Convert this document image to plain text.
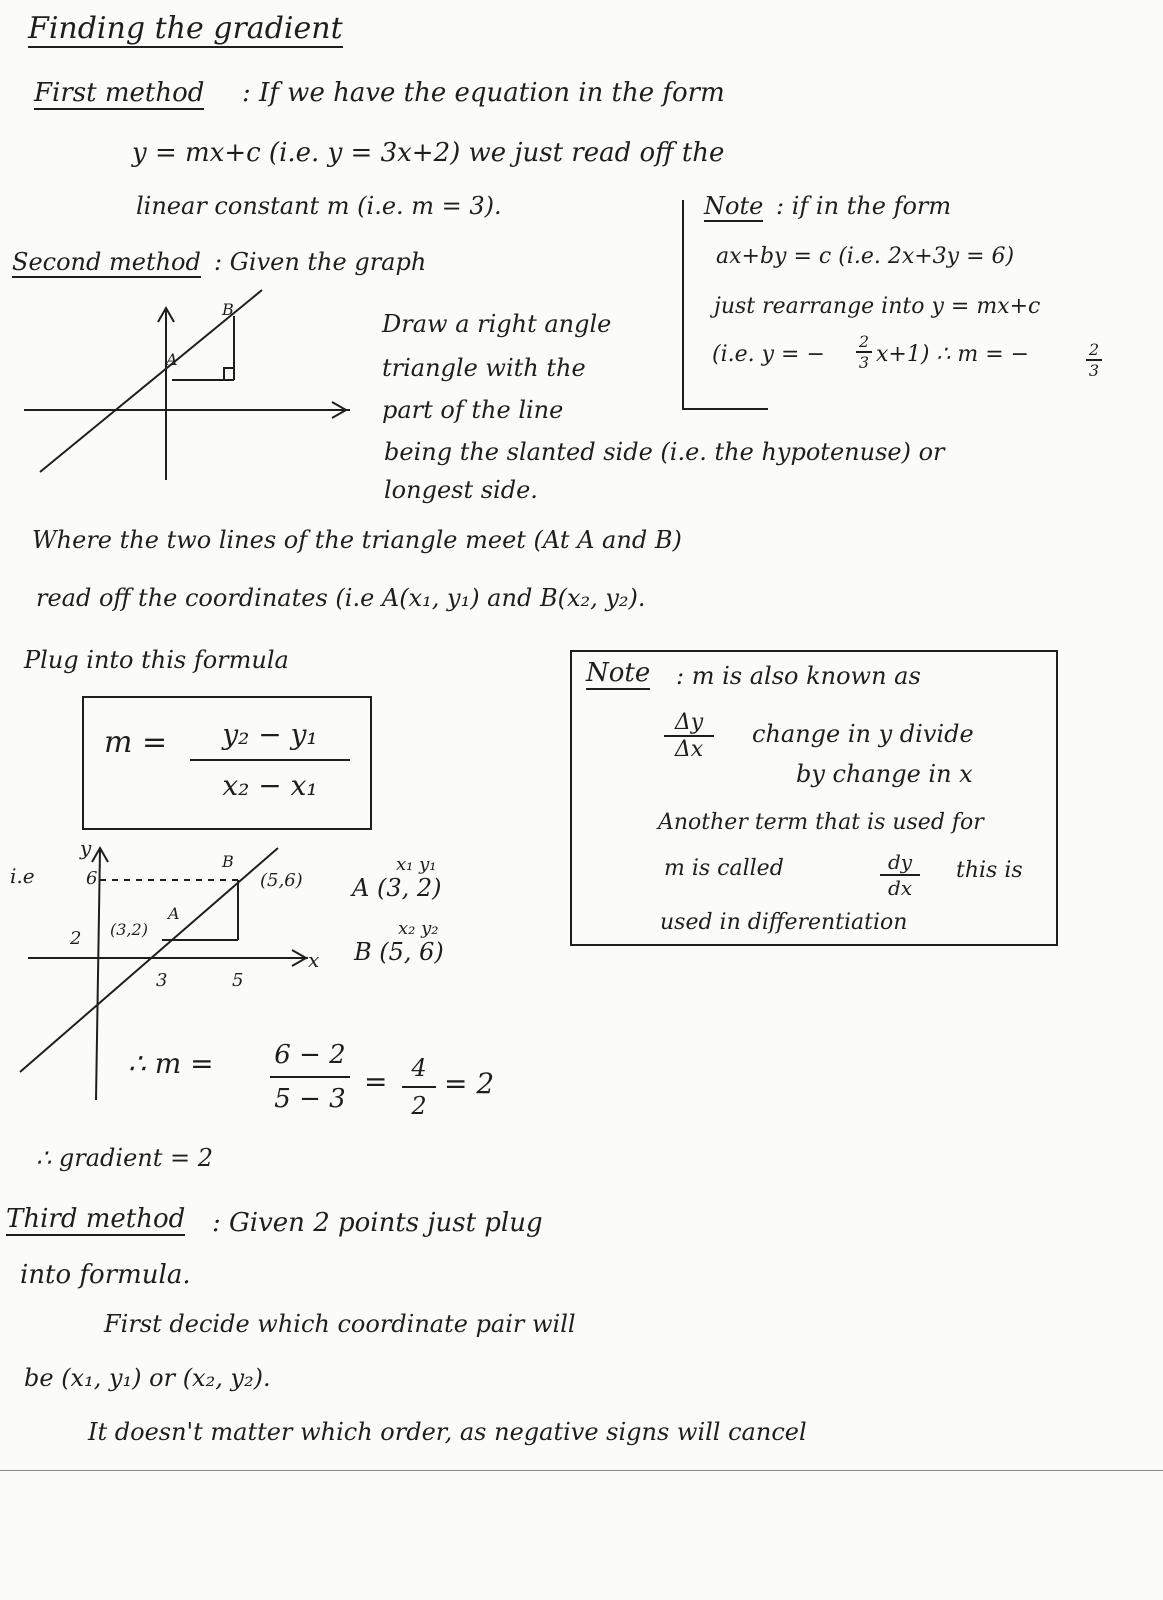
Finding the gradient
First method : If we have the equation in the form
y = mx+c (i.e. y = 3x+2) we just read off the
linear constant m (i.e. m = 3).	Note : if in the form
ax+by = c (i.e. 2x+3y = 6)
just rearrange into y = mx+c
(i.e. y = − $\frac{2}{3} x+1$) ∴ m = −	$\frac{2}{3}$
Second method : Given the graph
A
B
Draw a right angle
triangle with the
part of the line
being the slanted side (i.e. the hypotenuse) or
longest side.
Where the two lines of the triangle meet (At A and B)
read off the coordinates (i.e A(x₁, y₁) and B(x₂, y₂).
Plug into this formula
$m = \frac{\text{y₂ − y₁}}{\text{x₂ − x₁}}$
Note : m is also known as
$\frac{\Delta y}{\Delta x}$ change in y divide
by change in x
Another term that is used for
m is called	$\frac{dy}{dx}$ this is
used in differentiation
i.e
y
6
2
x
3	5
(3,2)
A
(5,6)
B	x₁ y₁
A (3, 2)
x₂ y₂
B (5, 6)
∴ $m = \frac{6 - 2}{5 - 3} = \frac{4}{2} = 2$
∴ gradient = 2
Third method : Given 2 points just plug
into formula.
First decide which coordinate pair will
be (x₁, y₁) or (x₂, y₂).
It doesn't matter which order, as negative signs will cancel
